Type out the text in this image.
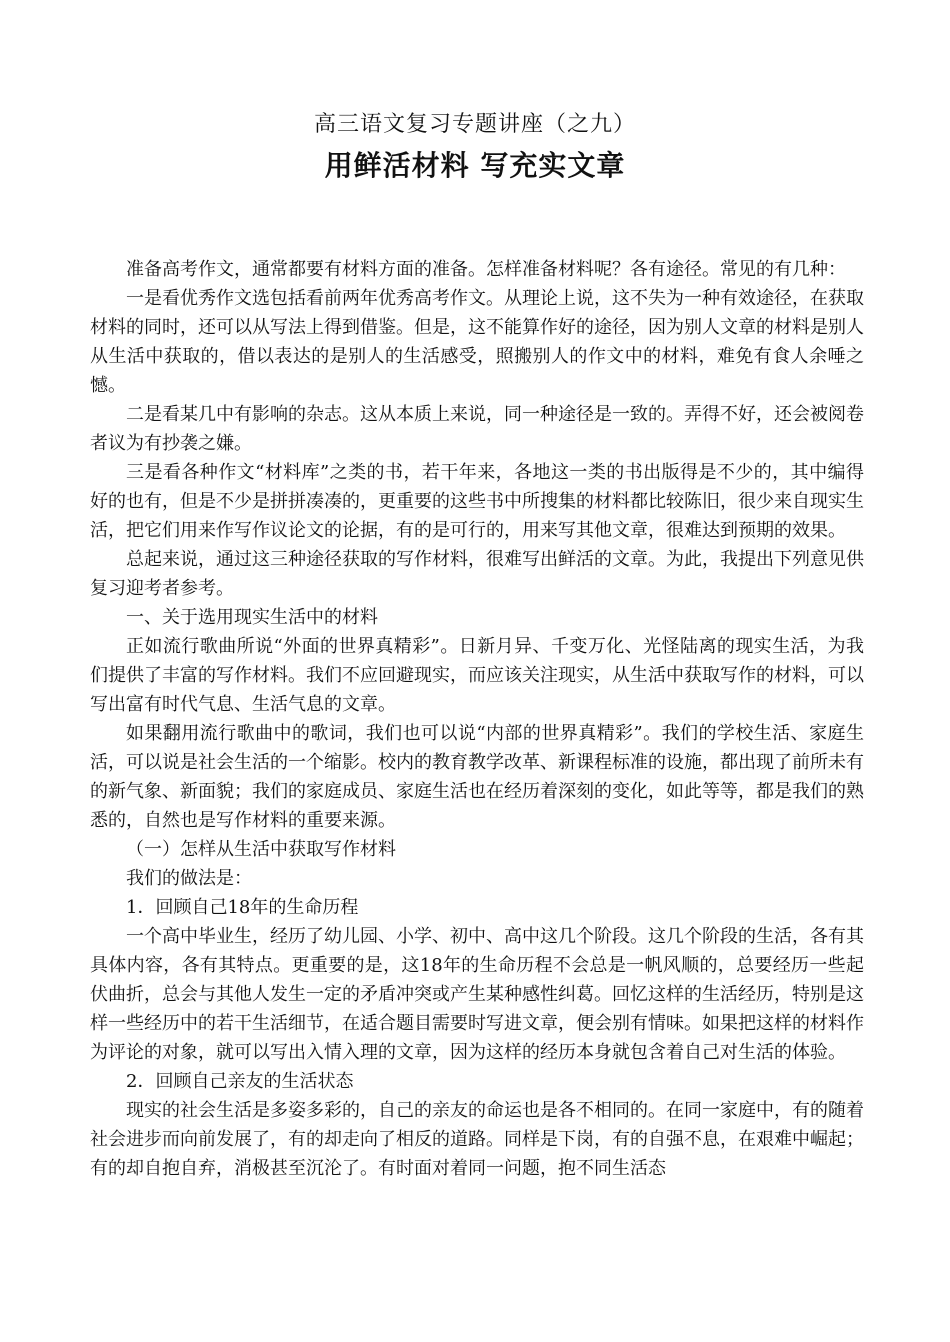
高三语文复习专题讲座（之九）
用鲜活材料 写充实文章

准备高考作文，通常都要有材料方面的准备。怎样准备材料呢？各有途径。常见的有几种：

一是看优秀作文选包括看前两年优秀高考作文。从理论上说，这不失为一种有效途径，在获取材料的同时，还可以从写法上得到借鉴。但是，这不能算作好的途径，因为别人文章的材料是别人从生活中获取的，借以表达的是别人的生活感受，照搬别人的作文中的材料，难免有食人余唾之憾。

二是看某几中有影响的杂志。这从本质上来说，同一种途径是一致的。弄得不好，还会被阅卷者议为有抄袭之嫌。

三是看各种作文“材料库”之类的书，若干年来，各地这一类的书出版得是不少的，其中编得好的也有，但是不少是拼拼凑凑的，更重要的这些书中所搜集的材料都比较陈旧，很少来自现实生活，把它们用来作写作议论文的论据，有的是可行的，用来写其他文章，很难达到预期的效果。

总起来说，通过这三种途径获取的写作材料，很难写出鲜活的文章。为此，我提出下列意见供复习迎考者参考。

一、关于选用现实生活中的材料

正如流行歌曲所说“外面的世界真精彩”。日新月异、千变万化、光怪陆离的现实生活，为我们提供了丰富的写作材料。我们不应回避现实，而应该关注现实，从生活中获取写作的材料，可以写出富有时代气息、生活气息的文章。

如果翻用流行歌曲中的歌词，我们也可以说“内部的世界真精彩”。我们的学校生活、家庭生活，可以说是社会生活的一个缩影。校内的教育教学改革、新课程标准的设施，都出现了前所未有的新气象、新面貌；我们的家庭成员、家庭生活也在经历着深刻的变化，如此等等，都是我们的熟悉的，自然也是写作材料的重要来源。

（一）怎样从生活中获取写作材料

我们的做法是：

1．回顾自己18年的生命历程

一个高中毕业生，经历了幼儿园、小学、初中、高中这几个阶段。这几个阶段的生活，各有其具体内容，各有其特点。更重要的是，这18年的生命历程不会总是一帆风顺的，总要经历一些起伏曲折，总会与其他人发生一定的矛盾冲突或产生某种感性纠葛。回忆这样的生活经历，特别是这样一些经历中的若干生活细节，在适合题目需要时写进文章，便会别有情味。如果把这样的材料作为评论的对象，就可以写出入情入理的文章，因为这样的经历本身就包含着自己对生活的体验。

2．回顾自己亲友的生活状态

现实的社会生活是多姿多彩的，自己的亲友的命运也是各不相同的。在同一家庭中，有的随着社会进步而向前发展了，有的却走向了相反的道路。同样是下岗，有的自强不息，在艰难中崛起；有的却自抱自弃，消极甚至沉沦了。有时面对着同一问题，抱不同生活态
